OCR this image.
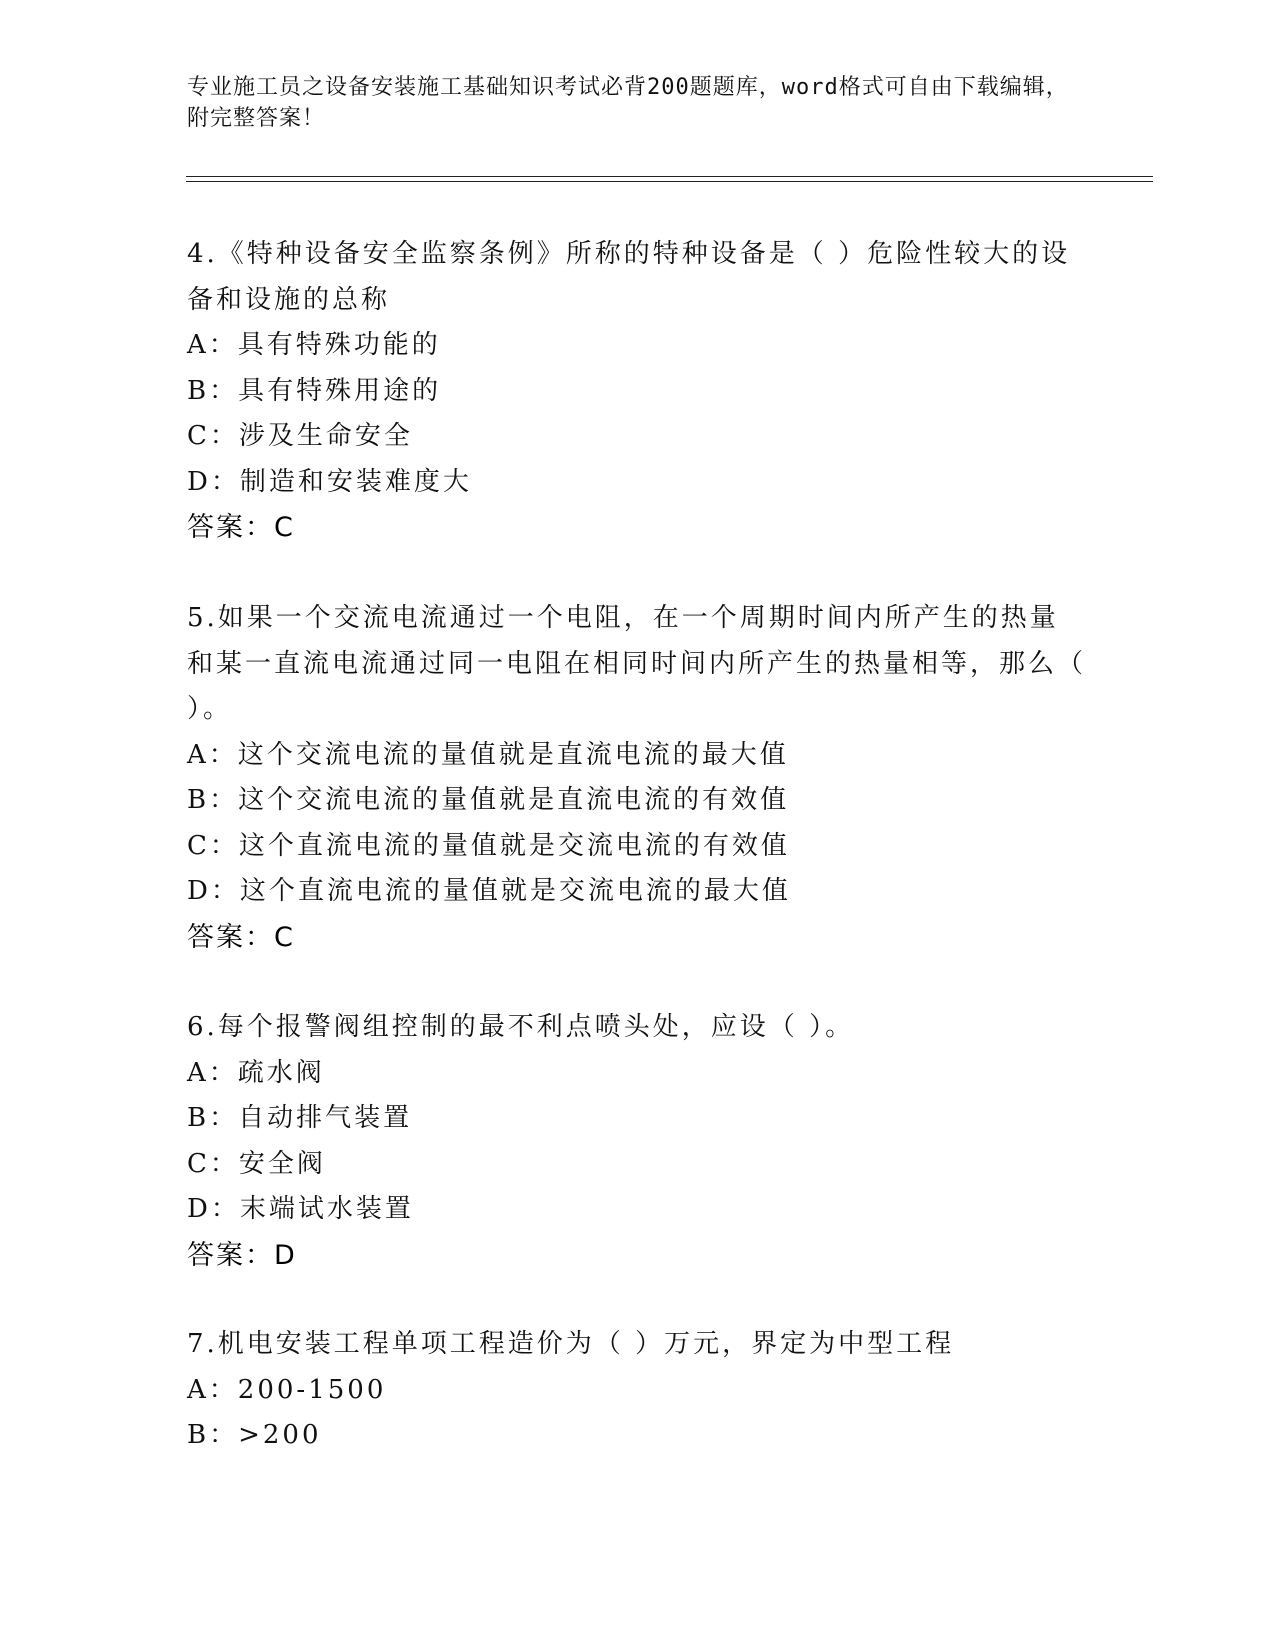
专业施工员之设备安装施工基础知识考试必背200题题库，word格式可自由下载编辑，附完整答案！
4.《特种设备安全监察条例》所称的特种设备是（ ）危险性较大的设备和设施的总称
A：具有特殊功能的
B：具有特殊用途的
C：涉及生命安全
D：制造和安装难度大
答案：C
5.如果一个交流电流通过一个电阻，在一个周期时间内所产生的热量和某一直流电流通过同一电阻在相同时间内所产生的热量相等，那么（ ）。
A：这个交流电流的量值就是直流电流的最大值
B：这个交流电流的量值就是直流电流的有效值
C：这个直流电流的量值就是交流电流的有效值
D：这个直流电流的量值就是交流电流的最大值
答案：C
6.每个报警阀组控制的最不利点喷头处，应设（ ）。
A：疏水阀
B：自动排气装置
C：安全阀
D：末端试水装置
答案：D
7.机电安装工程单项工程造价为（ ）万元，界定为中型工程
A：200-1500
B：>200
